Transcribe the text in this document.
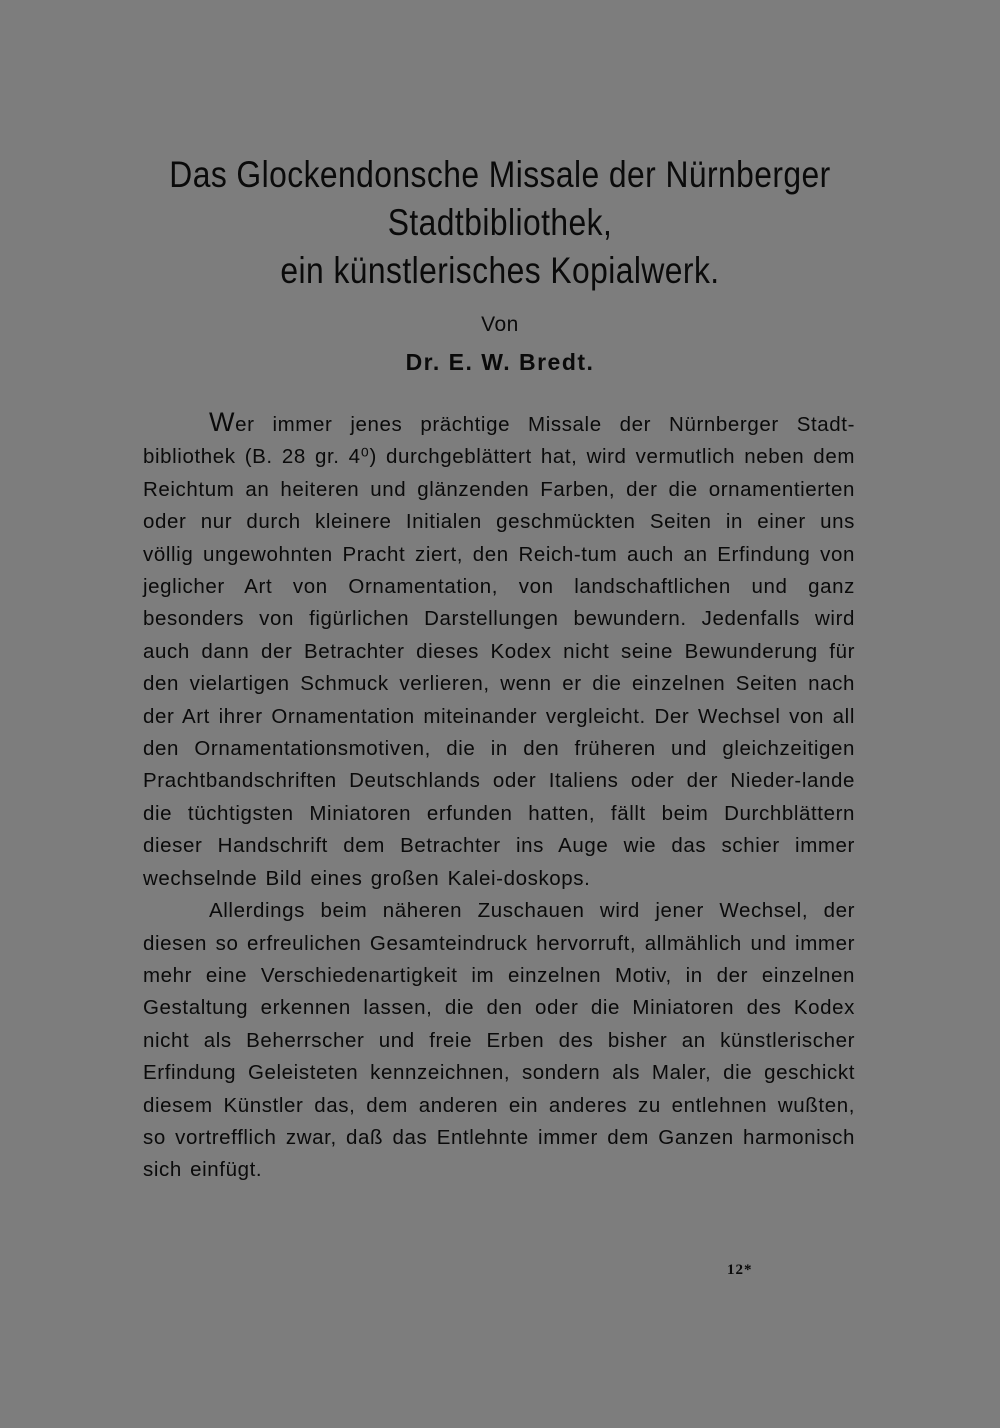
Das Glockendonsche Missale der Nürnberger
Stadtbibliothek,
ein künstlerisches Kopialwerk.
Von
Dr. E. W. Bredt.

Wer immer jenes prächtige Missale der Nürnberger Stadt-bibliothek (B. 28 gr. 4⁰) durchgeblättert hat, wird vermutlich neben dem Reichtum an heiteren und glänzenden Farben, der die ornamentierten oder nur durch kleinere Initialen geschmückten Seiten in einer uns völlig ungewohnten Pracht ziert, den Reich-tum auch an Erfindung von jeglicher Art von Ornamentation, von landschaftlichen und ganz besonders von figürlichen Darstellungen bewundern. Jedenfalls wird auch dann der Betrachter dieses Kodex nicht seine Bewunderung für den vielartigen Schmuck verlieren, wenn er die einzelnen Seiten nach der Art ihrer Ornamentation miteinander vergleicht. Der Wechsel von all den Ornamentationsmotiven, die in den früheren und gleichzeitigen Prachtbandschriften Deutschlands oder Italiens oder der Nieder-lande die tüchtigsten Miniatoren erfunden hatten, fällt beim Durchblättern dieser Handschrift dem Betrachter ins Auge wie das schier immer wechselnde Bild eines großen Kalei-doskops.

Allerdings beim näheren Zuschauen wird jener Wechsel, der diesen so erfreulichen Gesamteindruck hervorruft, allmählich und immer mehr eine Verschiedenartigkeit im einzelnen Motiv, in der einzelnen Gestaltung erkennen lassen, die den oder die Miniatoren des Kodex nicht als Beherrscher und freie Erben des bisher an künstlerischer Erfindung Geleisteten kennzeichnen, sondern als Maler, die geschickt diesem Künstler das, dem anderen ein anderes zu entlehnen wußten, so vortrefflich zwar, daß das Entlehnte immer dem Ganzen harmonisch sich einfügt.

12*
